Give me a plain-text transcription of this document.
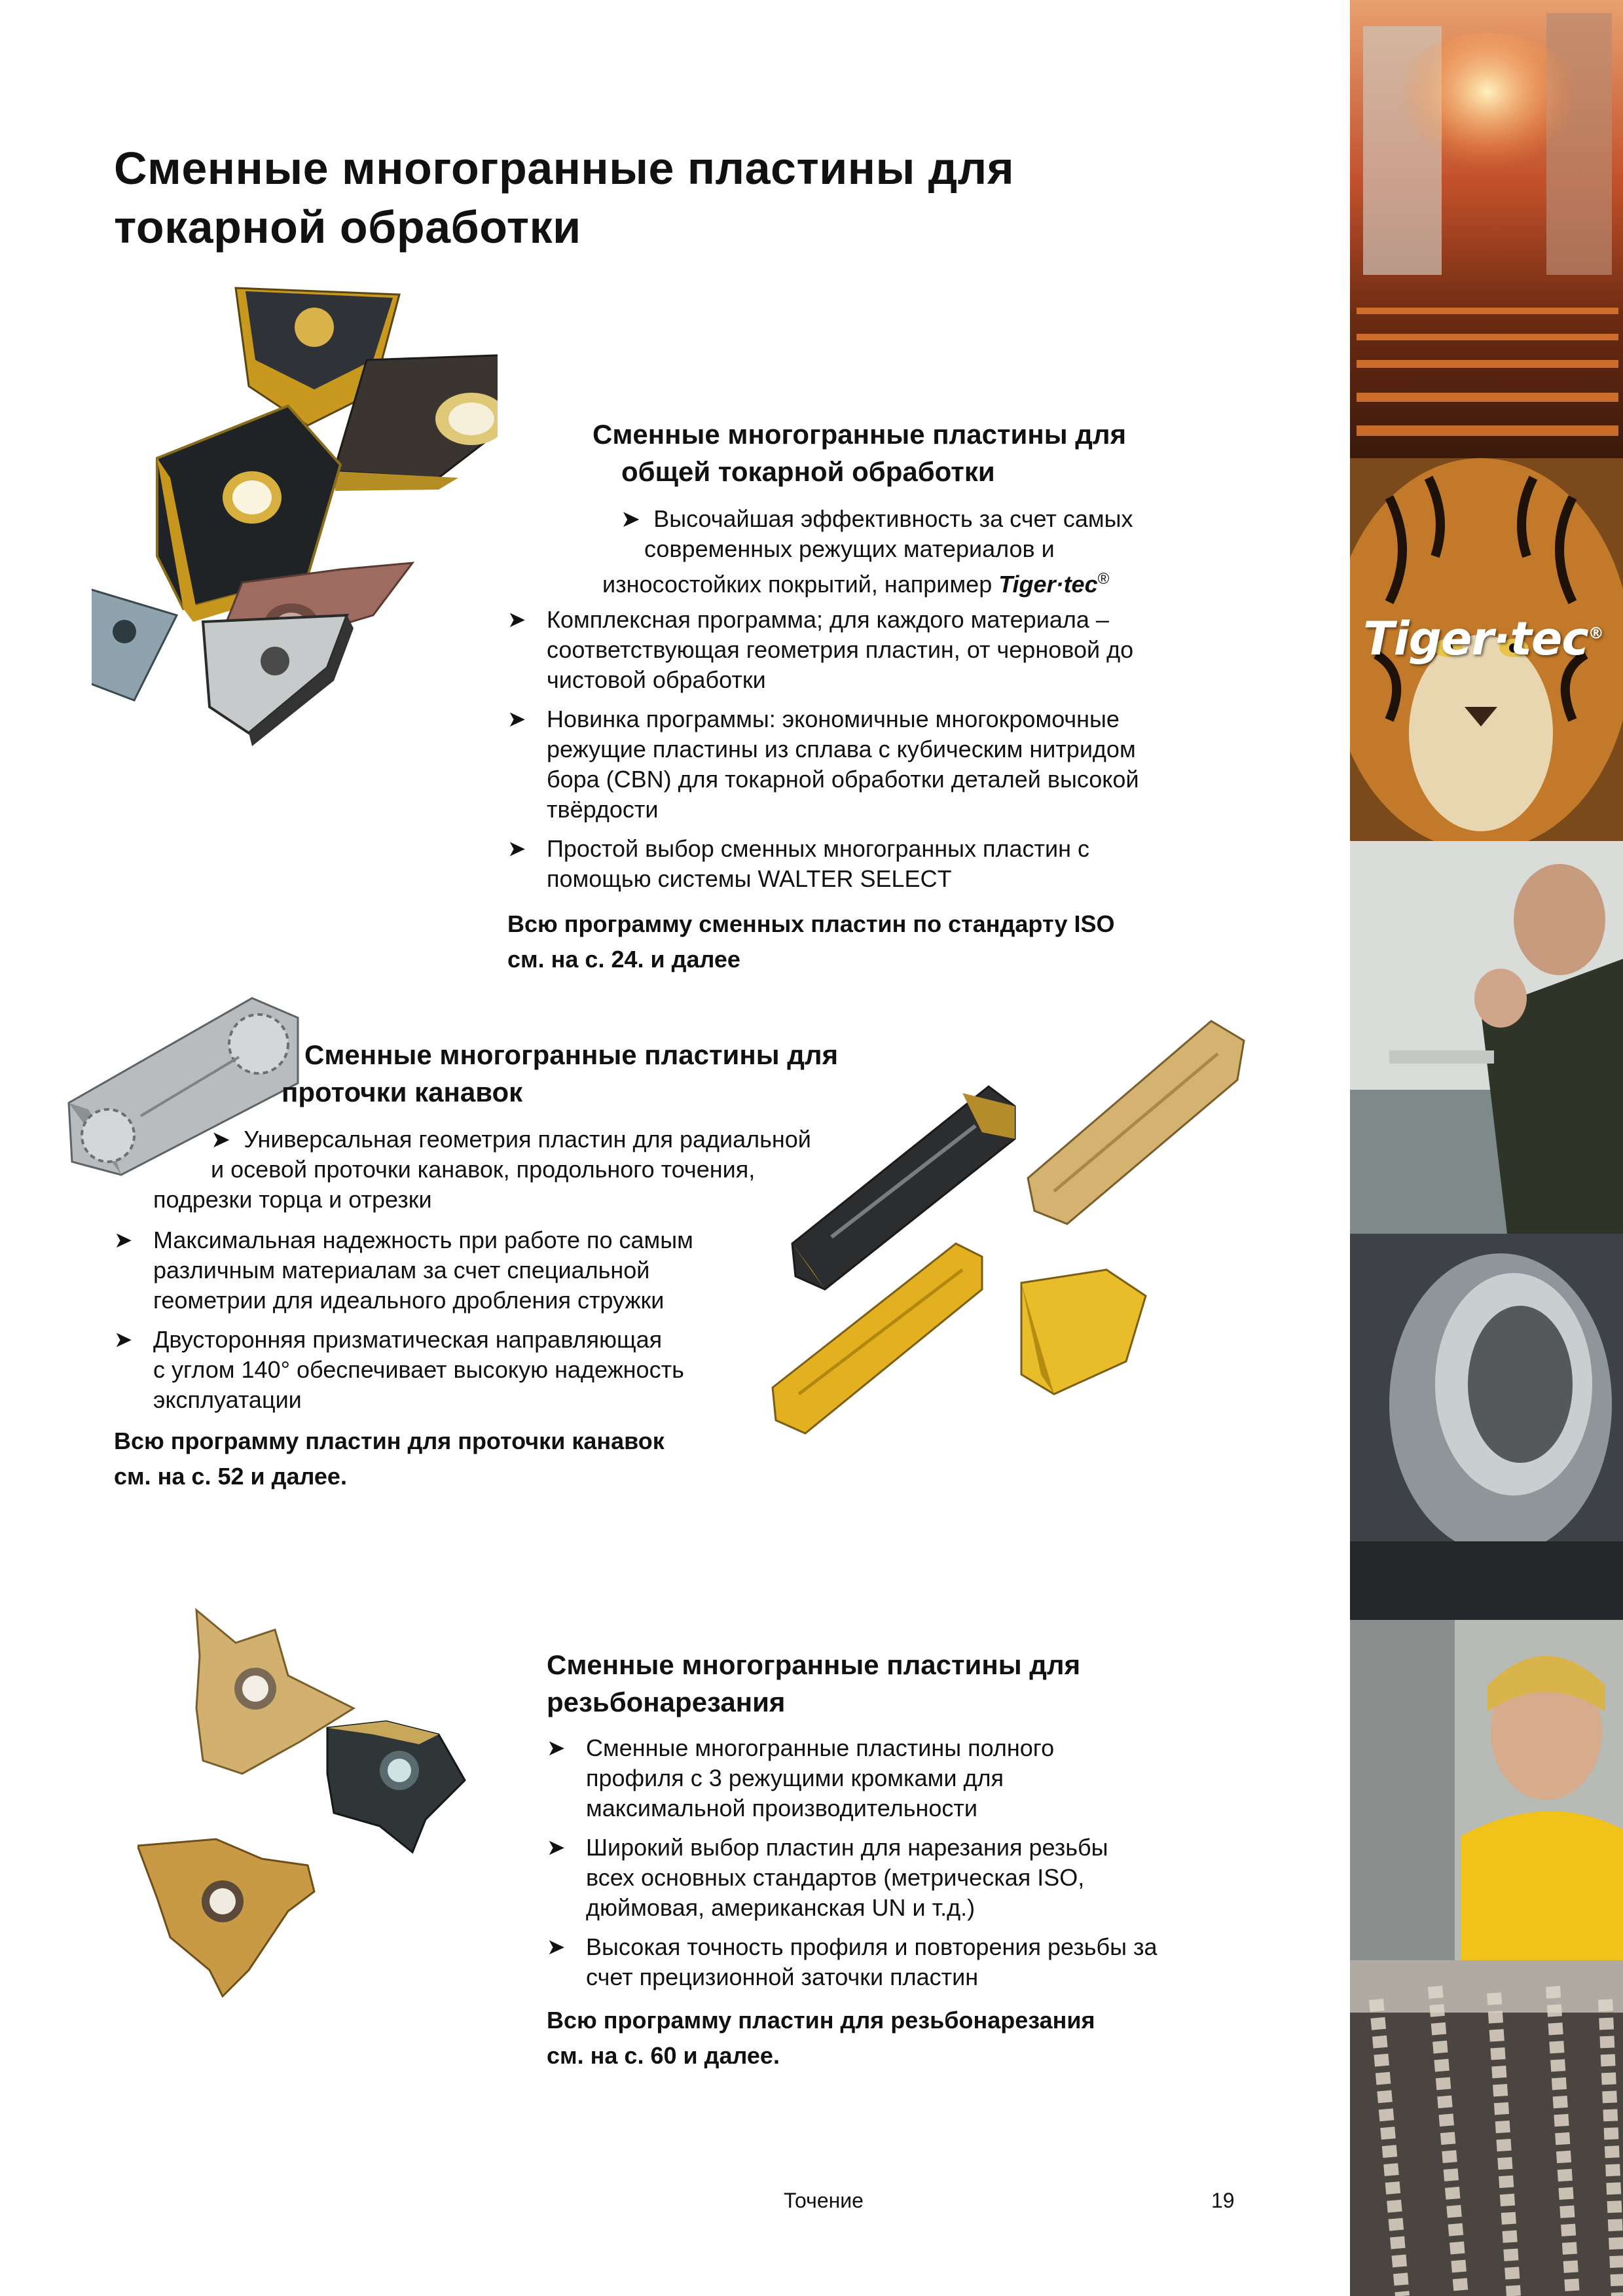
Сменные многогранные пластины для
токарной обработки
Сменные многогранные пластины для
общей токарной обработки
➤ Высочайшая эффективность за счет самых
современных режущих материалов и
износостойких покрытий, например Tiger·tec®
➤ Комплексная программа; для каждого материала –
соответствующая геометрия пластин, от черновой до
чистовой обработки
➤ Новинка программы: экономичные многокромочные
режущие пластины из сплава с кубическим нитридом
бора (CBN) для токарной обработки деталей высокой
твёрдости
➤ Простой выбор сменных многогранных пластин с
помощью системы WALTER SELECT
Всю программу сменных пластин по стандарту ISO
см. на с. 24. и далее
Сменные многогранные пластины для
проточки канавок
➤ Универсальная геометрия пластин для радиальной
и осевой проточки канавок, продольного точения,
подрезки торца и отрезки
➤ Максимальная надежность при работе по самым
различным материалам за счет специальной
геометрии для идеального дробления стружки
➤ Двусторонняя призматическая направляющая
с углом 140° обеспечивает высокую надежность
эксплуатации
Всю программу пластин для проточки канавок
см. на с. 52 и далее.
Сменные многогранные пластины для
резьбонарезания
➤ Сменные многогранные пластины полного
профиля с 3 режущими кромками для
максимальной производительности
➤ Широкий выбор пластин для нарезания резьбы
всех основных стандартов (метрическая ISO,
дюймовая, американская UN и т.д.)
➤ Высокая точность профиля и повторения резьбы за
счет прецизионной заточки пластин
Всю программу пластин для резьбонарезания
см. на с. 60 и далее.
Точение	19
Tiger·tec®
